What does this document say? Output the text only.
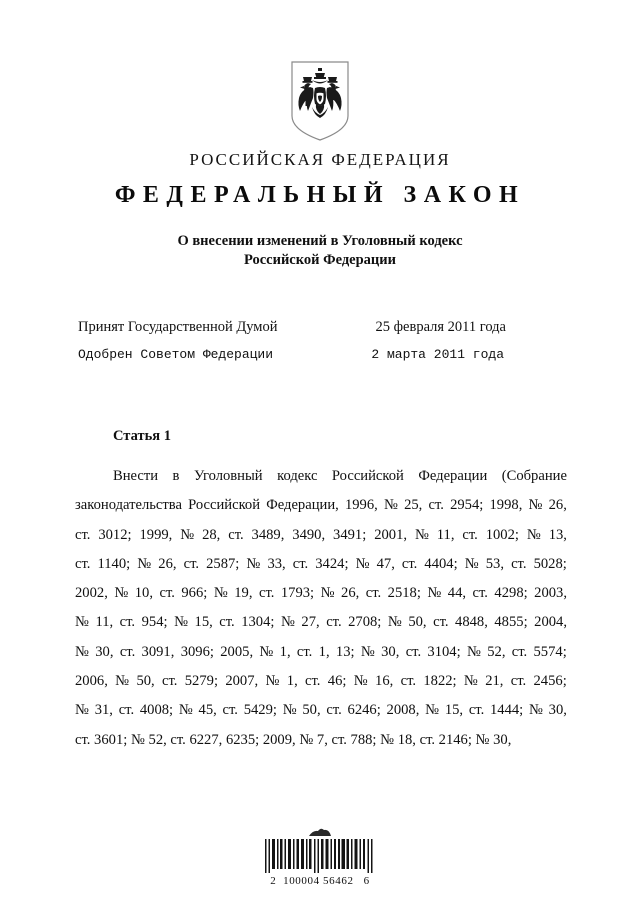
РОССИЙСКАЯ ФЕДЕРАЦИЯ
ФЕДЕРАЛЬНЫЙ ЗАКОН
О внесении изменений в Уголовный кодекс
Российской Федерации
Принят Государственной Думой	25 февраля 2011 года
Одобрен Советом Федерации	2 марта 2011 года
Статья 1
Внести в Уголовный кодекс Российской Федерации (Собрание
законодательства Российской Федерации, 1996, № 25, ст. 2954; 1998, № 26,
ст. 3012; 1999, № 28, ст. 3489, 3490, 3491; 2001, № 11, ст. 1002; № 13,
ст. 1140; № 26, ст. 2587; № 33, ст. 3424; № 47, ст. 4404; № 53, ст. 5028;
2002, № 10, ст. 966; № 19, ст. 1793; № 26, ст. 2518; № 44, ст. 4298; 2003,
№ 11, ст. 954; № 15, ст. 1304; № 27, ст. 2708; № 50, ст. 4848, 4855; 2004,
№ 30, ст. 3091, 3096; 2005, № 1, ст. 1, 13; № 30, ст. 3104; № 52, ст. 5574;
2006, № 50, ст. 5279; 2007, № 1, ст. 46; № 16, ст. 1822; № 21, ст. 2456;
№ 31, ст. 4008; № 45, ст. 5429; № 50, ст. 6246; 2008, № 15, ст. 1444; № 30,
ст. 3601; № 52, ст. 6227, 6235; 2009, № 7, ст. 788; № 18, ст. 2146; № 30,
2  100004 56462   6
